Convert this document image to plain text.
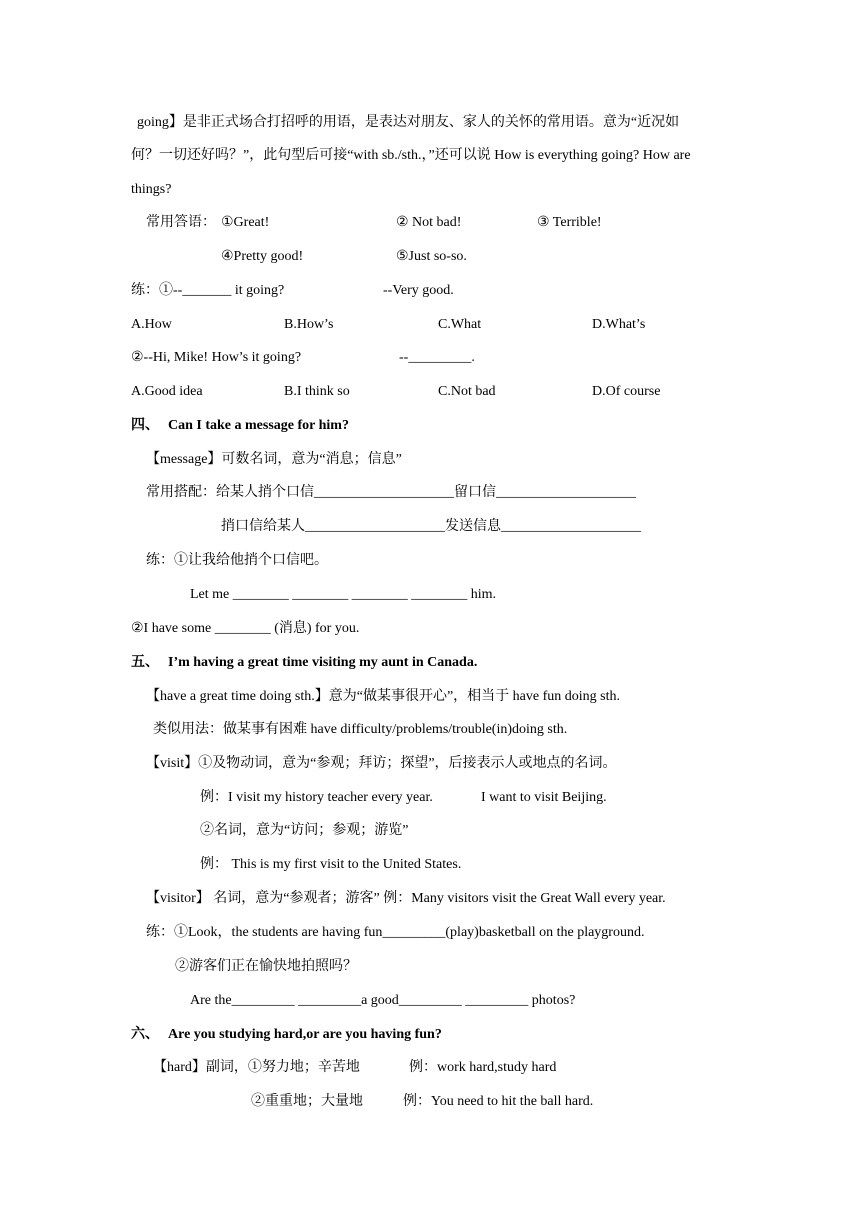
going】是非正式场合打招呼的用语，是表达对朋友、家人的关怀的常用语。意为“近况如
何？一切还好吗？”，此句型后可接“with sb./sth.，”还可以说 How is everything going? How are
things?
常用答语： ①Great!	② Not bad!	③ Terrible!
④Pretty good!	⑤Just so-so.
练：①--_______ it going?	--Very good.
A.How	B.How’s	C.What	D.What’s
②--Hi, Mike! How’s it going?	--_________.
A.Good idea	B.I think so	C.Not bad	D.Of course
四、 Can I take a message for him?
【message】可数名词，意为“消息；信息”
常用搭配：给某人捎个口信____________________留口信____________________
捎口信给某人____________________发送信息____________________
练：①让我给他捎个口信吧。
Let me ________ ________ ________ ________ him.
②I have some ________ (消息) for you.
五、 I’m having a great time visiting my aunt in Canada.
【have a great time doing sth.】意为“做某事很开心”，相当于 have fun doing sth.
类似用法：做某事有困难 have difficulty/problems/trouble(in)doing sth.
【visit】①及物动词，意为“参观；拜访；探望”，后接表示人或地点的名词。
例：I visit my history teacher every year.	I want to visit Beijing.
②名词，意为“访问；参观；游览”
例： This is my first visit to the United States.
【visitor】 名词，意为“参观者；游客” 例：Many visitors visit the Great Wall every year.
练：①Look，the students are having fun_________(play)basketball on the playground.
②游客们正在愉快地拍照吗？
Are the_________ _________a good_________ _________ photos?
六、 Are you studying hard,or are you having fun?
【hard】副词，①努力地；辛苦地	例：work hard,study hard
②重重地；大量地	例：You need to hit the ball hard.
